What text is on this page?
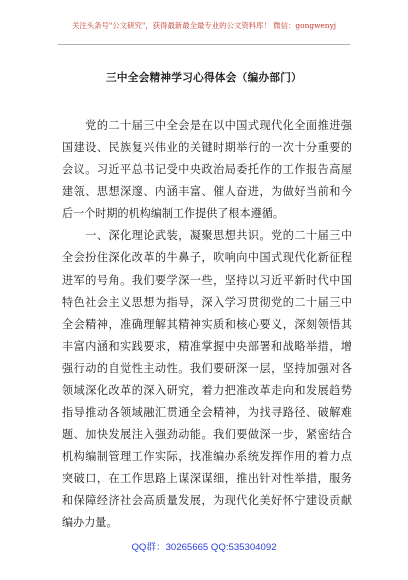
关注头条号"公文研究"，获得最新最全最专业的公文资料库！ 微信：gongwenyj
三中全会精神学习心得体会（编办部门）
　　党的二十届三中全会是在以中国式现代化全面推进强
国建设、民族复兴伟业的关键时期举行的一次十分重要的
会议。习近平总书记受中央政治局委托作的工作报告高屋
建瓴、思想深邃、内涵丰富、催人奋进，为做好当前和今
后一个时期的机构编制工作提供了根本遵循。
　　一、深化理论武装，凝聚思想共识。党的二十届三中
全会扮住深化改革的牛鼻子，吹响向中国式现代化新征程
进军的号角。我们要学深一些，坚持以习近平新时代中国
特色社会主义思想为指导，深入学习贯彻党的二十届三中
全会精神，准确理解其精神实质和核心要义，深刻领悟其
丰富内涵和实践要求，精准掌握中央部署和战略举措，增
强行动的自觉性主动性。我们要研深一层，坚持加强对各
领域深化改革的深入研究，着力把准改革走向和发展趋势
指导推动各领域融汇贯通全会精神，为找寻路径、破解难
题、加快发展注入强劲动能。我们要做深一步，紧密结合
机构编制管理工作实际，找准编办系统发挥作用的着力点
突破口，在工作思路上谋深谋细，推出针对性举措，服务
和保障经济社会高质量发展，为现代化美好怀宁建设贡献
编办力量。
QQ群：30265665 QQ:535304092
